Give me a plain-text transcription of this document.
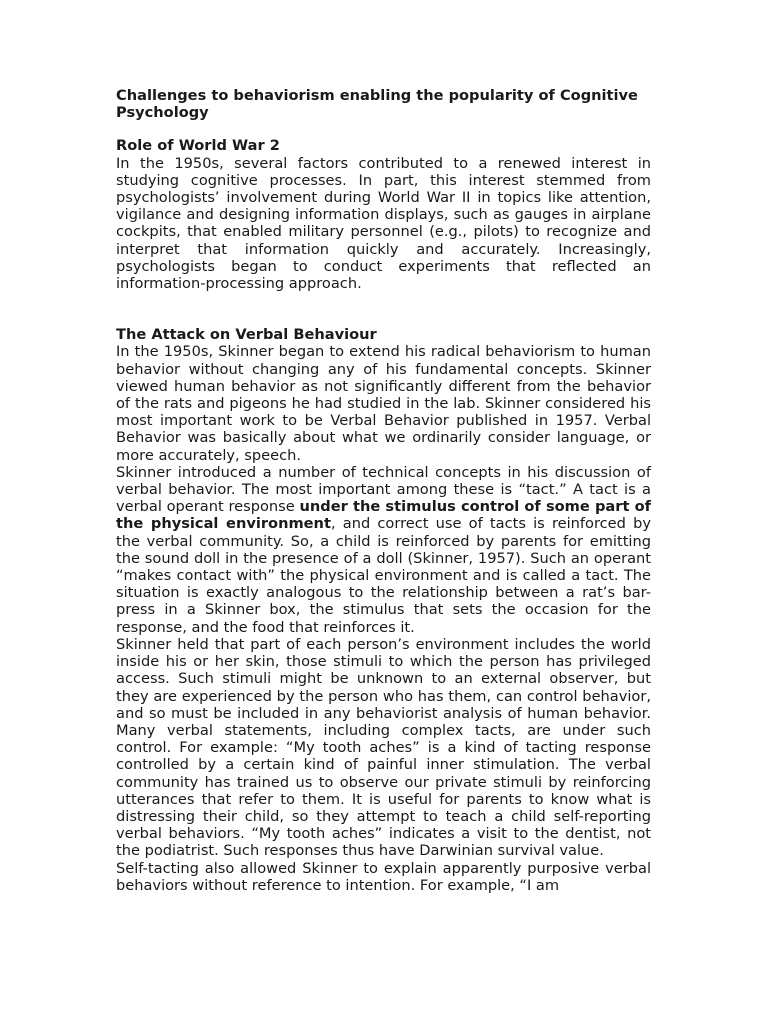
Challenges to behaviorism enabling the popularity of Cognitive Psychology

Role of World War 2

In the 1950s, several factors contributed to a renewed interest in studying cognitive processes. In part, this interest stemmed from psychologists’ involvement during World War II in topics like attention, vigilance and designing information displays, such as gauges in airplane cockpits, that enabled military personnel (e.g., pilots) to recognize and interpret that information quickly and accurately. Increasingly, psychologists began to conduct experiments that reflected an information-processing approach.

The Attack on Verbal Behaviour

In the 1950s, Skinner began to extend his radical behaviorism to human behavior without changing any of his fundamental concepts. Skinner viewed human behavior as not significantly different from the behavior of the rats and pigeons he had studied in the lab. Skinner considered his most important work to be Verbal Behavior published in 1957. Verbal Behavior was basically about what we ordinarily consider language, or more accurately, speech.

Skinner introduced a number of technical concepts in his discussion of verbal behavior. The most important among these is “tact.” A tact is a verbal operant response under the stimulus control of some part of the physical environment, and correct use of tacts is reinforced by the verbal community. So, a child is reinforced by parents for emitting the sound doll in the presence of a doll (Skinner, 1957). Such an operant “makes contact with” the physical environment and is called a tact. The situation is exactly analogous to the relationship between a rat’s bar-press in a Skinner box, the stimulus that sets the occasion for the response, and the food that reinforces it.

Skinner held that part of each person’s environment includes the world inside his or her skin, those stimuli to which the person has privileged access. Such stimuli might be unknown to an external observer, but they are experienced by the person who has them, can control behavior, and so must be included in any behaviorist analysis of human behavior. Many verbal statements, including complex tacts, are under such control. For example: “My tooth aches” is a kind of tacting response controlled by a certain kind of painful inner stimulation. The verbal community has trained us to observe our private stimuli by reinforcing utterances that refer to them. It is useful for parents to know what is distressing their child, so they attempt to teach a child self-reporting verbal behaviors. “My tooth aches” indicates a visit to the dentist, not the podiatrist. Such responses thus have Darwinian survival value.

Self-tacting also allowed Skinner to explain apparently purposive verbal behaviors without reference to intention. For example, “I am
